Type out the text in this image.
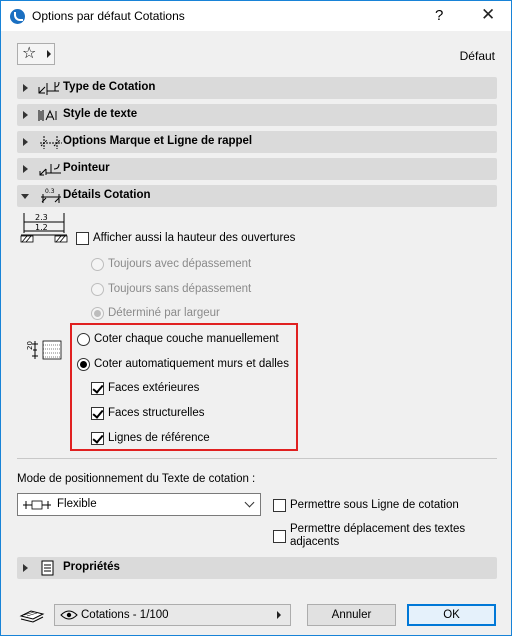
Options par défaut Cotations	? ✕
☆	Défaut
Type de Cotation
Style de texte
Options Marque et Ligne de rappel
Pointeur
0.3 Détails Cotation
2.3
1.2
Afficher aussi la hauteur des ouvertures
Toujours avec dépassement
Toujours sans dépassement
Déterminé par largeur
20
Coter chaque couche manuellement
Coter automatiquement murs et dalles
Faces extérieures
Faces structurelles
Lignes de référence
Mode de positionnement du Texte de cotation :
Flexible	Permettre sous Ligne de cotation
Permettre déplacement des textes adjacents
Propriétés
Cotations - 1/100	Annuler	OK
